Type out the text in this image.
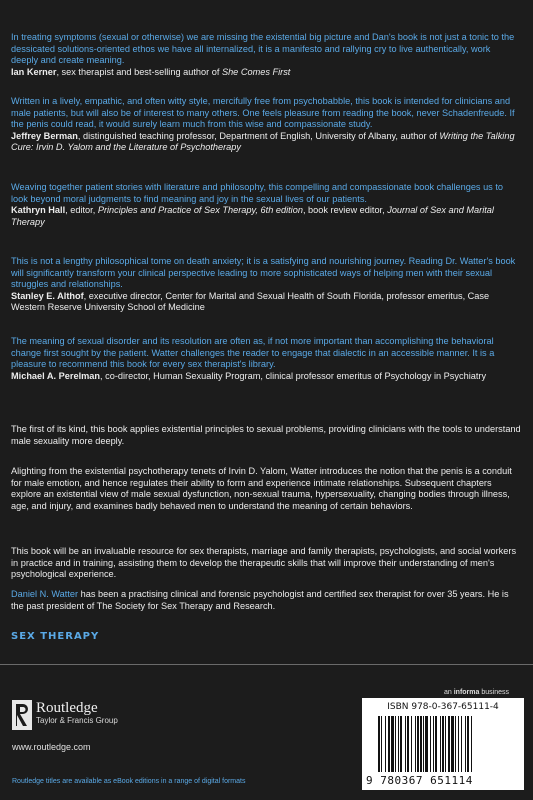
In treating symptoms (sexual or otherwise) we are missing the existential big picture and Dan's book is not just a tonic to the dessicated solutions-oriented ethos we have all internalized, it is a manifesto and rallying cry to live authentically, work deeply and create meaning.

Ian Kerner, sex therapist and best-selling author of She Comes First

Written in a lively, empathic, and often witty style, mercifully free from psychobabble, this book is intended for clinicians and male patients, but will also be of interest to many others. One feels pleasure from reading the book, never Schadenfreude. If the penis could read, it would surely learn much from this wise and compassionate study.

Jeffrey Berman, distinguished teaching professor, Department of English, University of Albany, author of Writing the Talking Cure: Irvin D. Yalom and the Literature of Psychotherapy

Weaving together patient stories with literature and philosophy, this compelling and compassionate book challenges us to look beyond moral judgments to find meaning and joy in the sexual lives of our patients.

Kathryn Hall, editor, Principles and Practice of Sex Therapy, 6th edition, book review editor, Journal of Sex and Marital Therapy

This is not a lengthy philosophical tome on death anxiety; it is a satisfying and nourishing journey. Reading Dr. Watter's book will significantly transform your clinical perspective leading to more sophisticated ways of helping men with their sexual struggles and relationships.

Stanley E. Althof, executive director, Center for Marital and Sexual Health of South Florida, professor emeritus, Case Western Reserve University School of Medicine

The meaning of sexual disorder and its resolution are often as, if not more important than accomplishing the behavioral change first sought by the patient. Watter challenges the reader to engage that dialectic in an accessible manner. It is a pleasure to recommend this book for every sex therapist's library.

Michael A. Perelman, co-director, Human Sexuality Program, clinical professor emeritus of Psychology in Psychiatry

The first of its kind, this book applies existential principles to sexual problems, providing clinicians with the tools to understand male sexuality more deeply.

Alighting from the existential psychotherapy tenets of Irvin D. Yalom, Watter introduces the notion that the penis is a conduit for male emotion, and hence regulates their ability to form and experience intimate relationships. Subsequent chapters explore an existential view of male sexual dysfunction, non-sexual trauma, hypersexuality, changing bodies through illness, age, and injury, and examines badly behaved men to understand the meaning of certain behaviors.

This book will be an invaluable resource for sex therapists, marriage and family therapists, psychologists, and social workers in practice and in training, assisting them to develop the therapeutic skills that will improve their understanding of men's psychological experience.

Daniel N. Watter has been a practising clinical and forensic psychologist and certified sex therapist for over 35 years. He is the past president of The Society for Sex Therapy and Research.

SEX THERAPY
an informa business
Routledge
Taylor & Francis Group
www.routledge.com
Routledge titles are available as eBook editions in a range of digital formats
ISBN 978-0-367-65111-4
9 780367 651114
